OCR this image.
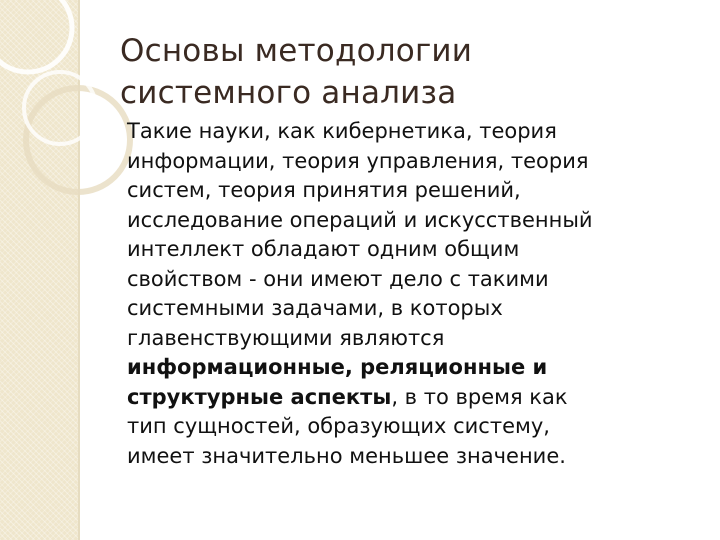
Основы методологии
системного анализа
Такие науки, как кибернетика, теория
информации, теория управления, теория
систем, теория принятия решений,
исследование операций и искусственный
интеллект обладают одним общим
свойством - они имеют дело с такими
системными задачами, в которых
главенствующими являются
информационные, реляционные и
структурные аспекты, в то время как
тип сущностей, образующих систему,
имеет значительно меньшее значение.
